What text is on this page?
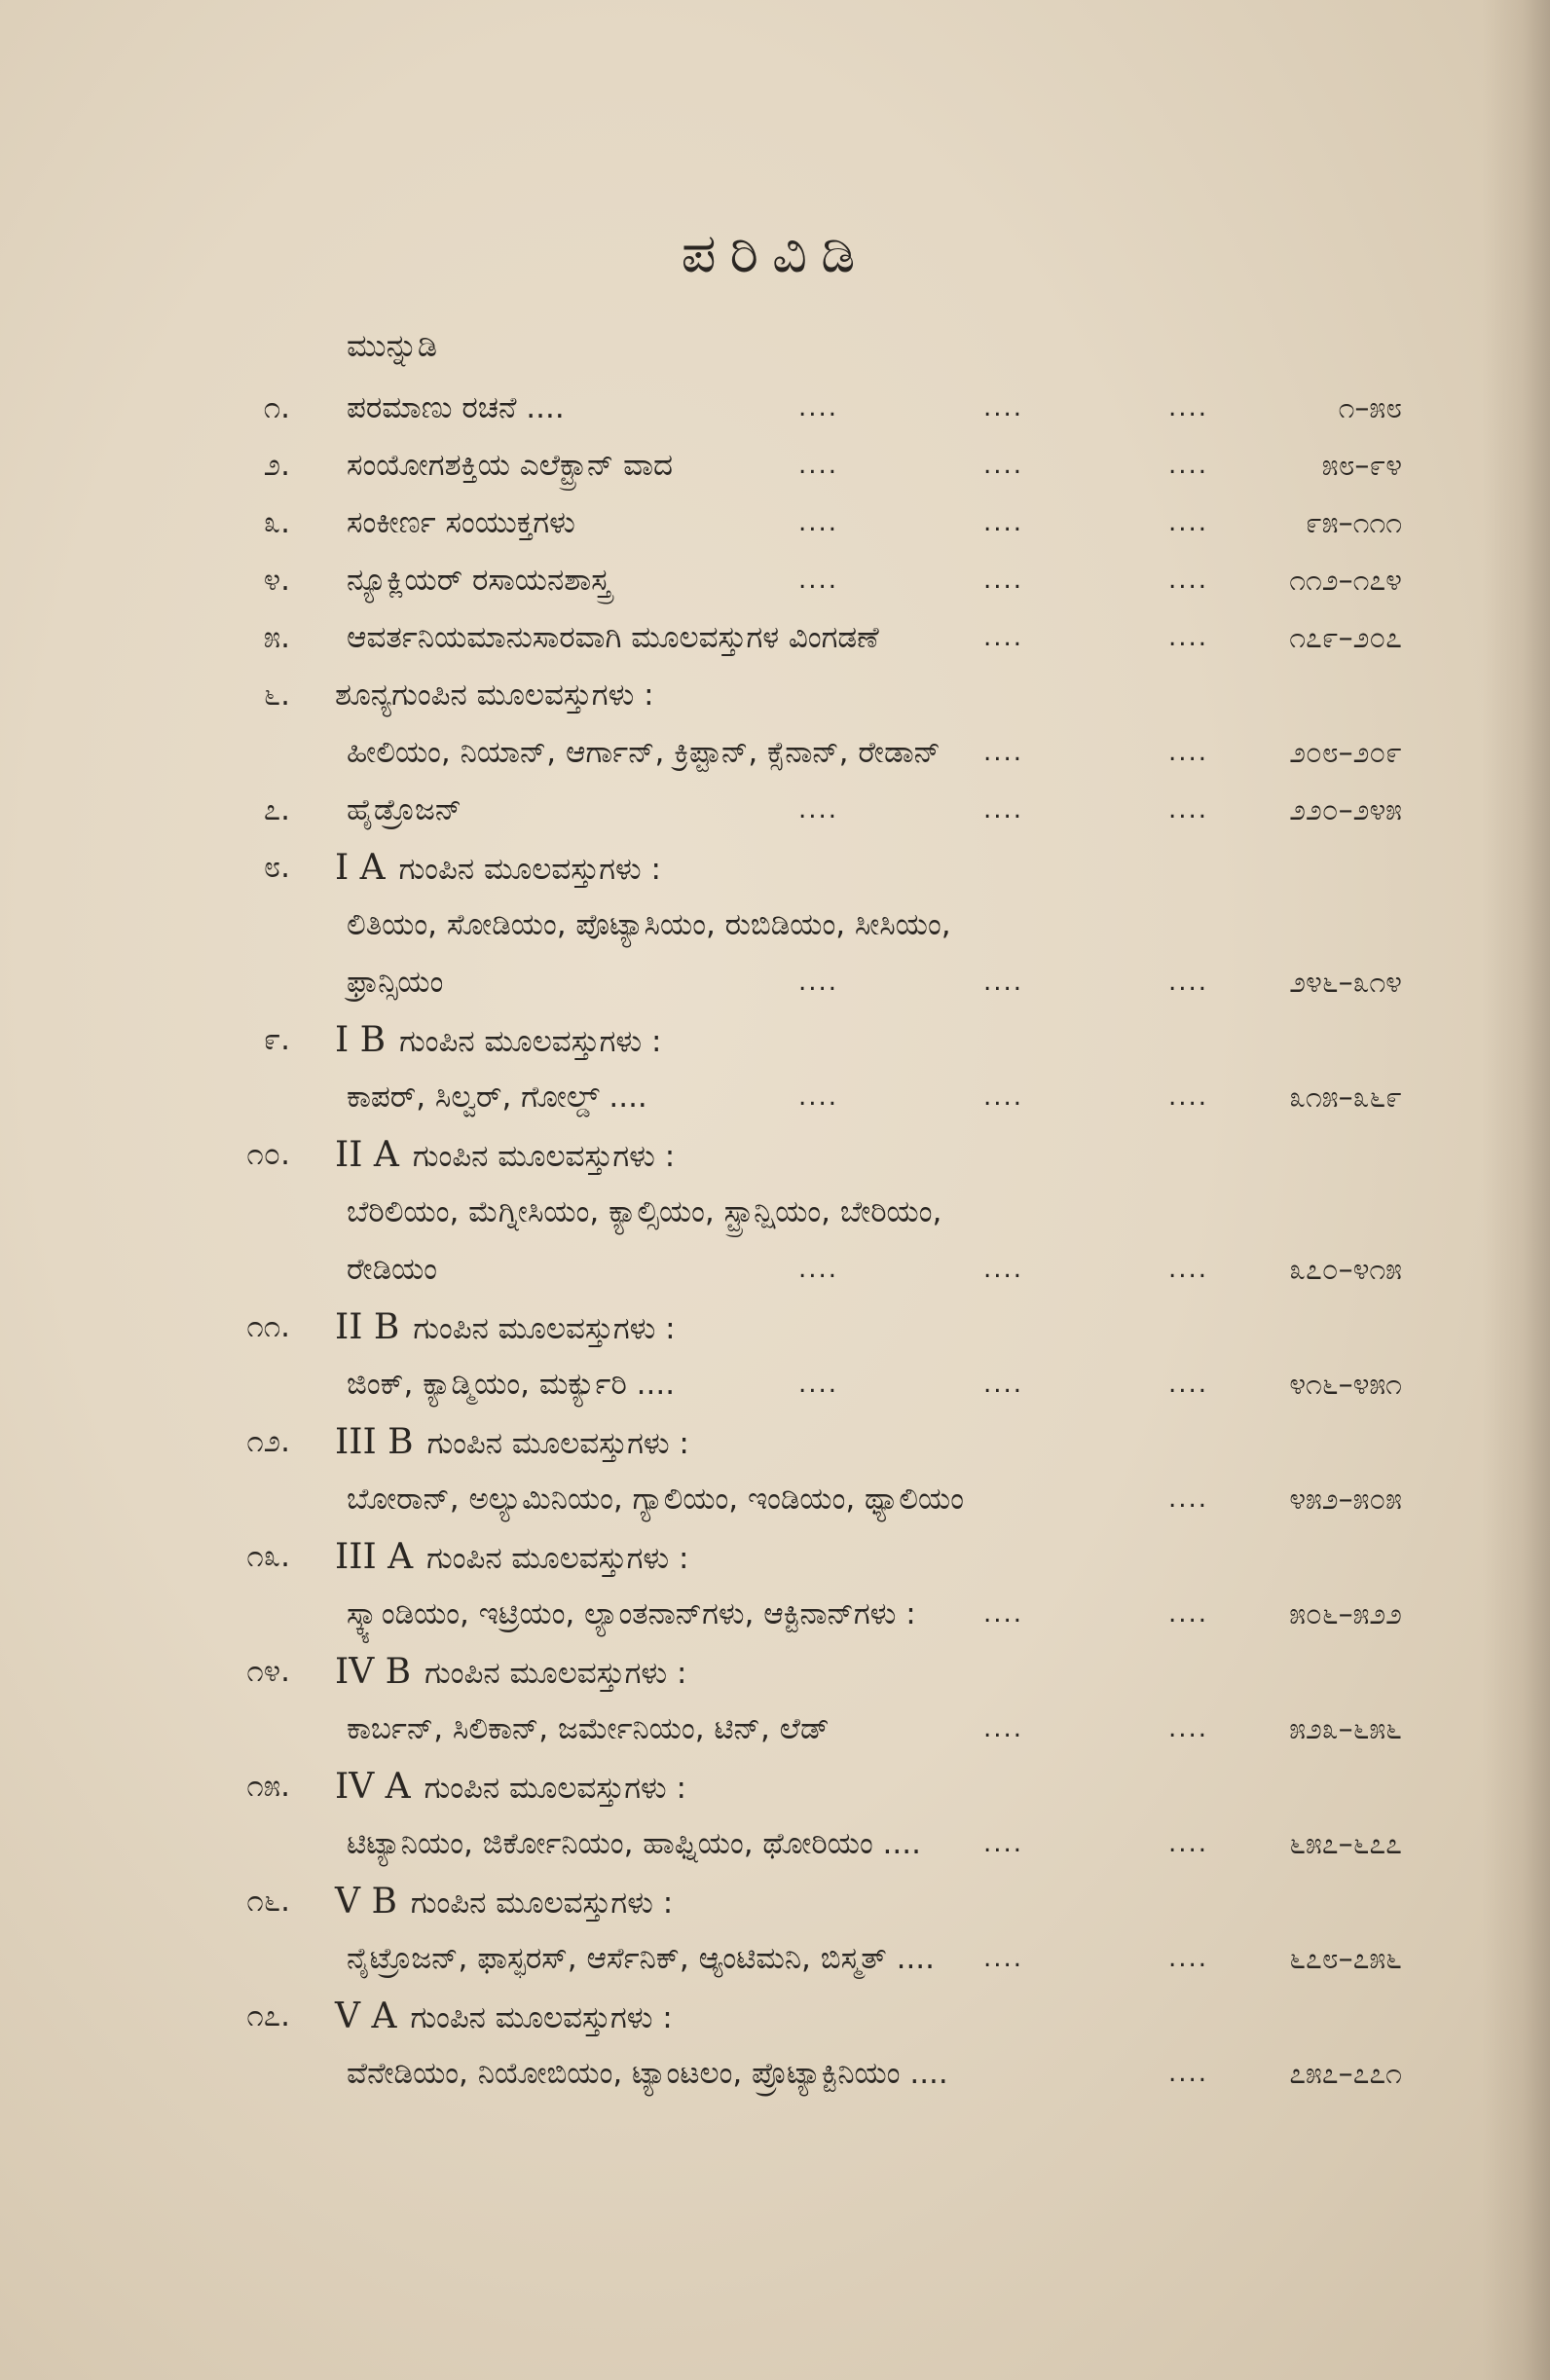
ಪರಿವಿಡಿ
ಮುನ್ನುಡಿ
೧. ಪರಮಾಣು ರಚನೆ ....	....	....	....	೧–೫೮
೨. ಸಂಯೋಗಶಕ್ತಿಯ ಎಲೆಕ್ಟ್ರಾನ್ ವಾದ	....	....	....	೫೮–೯೪
೩. ಸಂಕೀರ್ಣ ಸಂಯುಕ್ತಗಳು	....	....	....	೯೫–೧೧೧
೪. ನ್ಯೂಕ್ಲಿಯರ್ ರಸಾಯನಶಾಸ್ತ್ರ	....	....	....	೧೧೨–೧೭೪
೫. ಆವರ್ತನಿಯಮಾನುಸಾರವಾಗಿ ಮೂಲವಸ್ತುಗಳ ವಿಂಗಡಣೆ	....	....	೧೭೯–೨೦೭
೬. ಶೂನ್ಯಗುಂಪಿನ ಮೂಲವಸ್ತುಗಳು :
ಹೀಲಿಯಂ, ನಿಯಾನ್, ಆರ್ಗಾನ್, ಕ್ರಿಪ್ಟಾನ್, ಕ್ಸೆನಾನ್, ರೇಡಾನ್ ....	....	೨೦೮–೨೦೯
೭. ಹೈಡ್ರೊಜನ್	....	....	....	೨೨೦–೨೪೫
೮. I A ಗುಂಪಿನ ಮೂಲವಸ್ತುಗಳು :
ಲಿತಿಯಂ, ಸೋಡಿಯಂ, ಪೊಟ್ಯಾಸಿಯಂ, ರುಬಿಡಿಯಂ, ಸೀಸಿಯಂ,
ಫ್ರಾನ್ಸಿಯಂ	....	....	....	೨೪೬–೩೧೪
೯. I B ಗುಂಪಿನ ಮೂಲವಸ್ತುಗಳು :
ಕಾಪರ್, ಸಿಲ್ವರ್, ಗೋಲ್ಡ್ ....	....	....	....	೩೧೫–೩೬೯
೧೦. II A ಗುಂಪಿನ ಮೂಲವಸ್ತುಗಳು :
ಬೆರಿಲಿಯಂ, ಮೆಗ್ನೀಸಿಯಂ, ಕ್ಯಾಲ್ಸಿಯಂ, ಸ್ಟ್ರಾನ್ಷಿಯಂ, ಬೇರಿಯಂ,
ರೇಡಿಯಂ	....	....	....	೩೭೦–೪೧೫
೧೧. II B ಗುಂಪಿನ ಮೂಲವಸ್ತುಗಳು :
ಜಿಂಕ್, ಕ್ಯಾಡ್ಮಿಯಂ, ಮರ್ಕ್ಯುರಿ ....	....	....	....	೪೧೬–೪೫೧
೧೨. III B ಗುಂಪಿನ ಮೂಲವಸ್ತುಗಳು :
ಬೋರಾನ್, ಅಲ್ಯುಮಿನಿಯಂ, ಗ್ಯಾಲಿಯಂ, ಇಂಡಿಯಂ, ಥ್ಯಾಲಿಯಂ	....	೪೫೨–೫೦೫
೧೩. III A ಗುಂಪಿನ ಮೂಲವಸ್ತುಗಳು :
ಸ್ಕ್ಯಾಂಡಿಯಂ, ಇಟ್ರಿಯಂ, ಲ್ಯಾಂತನಾನ್‌ಗಳು, ಆಕ್ಟಿನಾನ್‌ಗಳು :	....	....	೫೦೬–೫೨೨
೧೪. IV B ಗುಂಪಿನ ಮೂಲವಸ್ತುಗಳು :
ಕಾರ್ಬನ್, ಸಿಲಿಕಾನ್, ಜರ್ಮೇನಿಯಂ, ಟಿನ್, ಲೆಡ್	....	....	೫೨೩–೬೫೬
೧೫. IV A ಗುಂಪಿನ ಮೂಲವಸ್ತುಗಳು :
ಟಿಟ್ಯಾನಿಯಂ, ಜಿರ್ಕೋನಿಯಂ, ಹಾಫ್ನಿಯಂ, ಥೋರಿಯಂ .... ....	....	೬೫೭–೬೭೭
೧೬. V B ಗುಂಪಿನ ಮೂಲವಸ್ತುಗಳು :
ನೈಟ್ರೊಜನ್, ಫಾಸ್ಫರಸ್, ಆರ್ಸೆನಿಕ್, ಆ್ಯಂಟಿಮನಿ, ಬಿಸ್ಮತ್ .... ....	....	೬೭೮–೭೫೬
೧೭. V A ಗುಂಪಿನ ಮೂಲವಸ್ತುಗಳು :
ವೆನೇಡಿಯಂ, ನಿಯೋಬಿಯಂ, ಟ್ಯಾಂಟಲಂ, ಪ್ರೊಟ್ಯಾಕ್ಟಿನಿಯಂ ....	....	೭೫೭–೭೭೧
